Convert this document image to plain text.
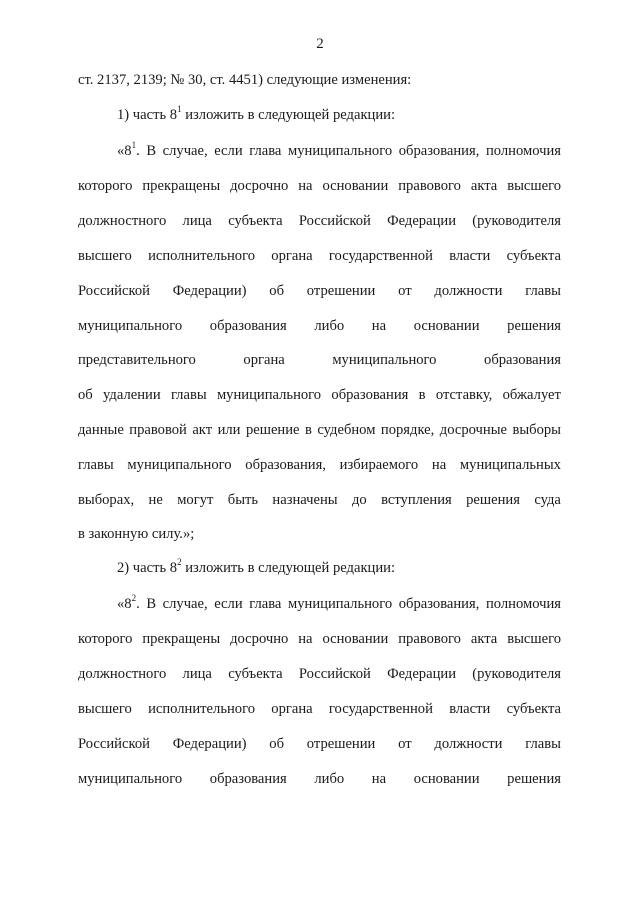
2
ст. 2137, 2139; № 30, ст. 4451) следующие изменения:
1) часть $8^1$ изложить в следующей редакции:
«$8^1$. В случае, если глава муниципального образования, полномочия
которого прекращены досрочно на основании правового акта высшего
должностного лица субъекта Российской Федерации (руководителя
высшего исполнительного органа государственной власти субъекта
Российской Федерации) об отрешении от должности главы
муниципального образования либо на основании решения
представительного	органа	муниципального	образования
об удалении главы муниципального образования в отставку, обжалует
данные правовой акт или решение в судебном порядке, досрочные выборы
главы муниципального образования, избираемого на муниципальных
выборах, не могут быть назначены до вступления решения суда
в законную силу.»;
2) часть $8^2$ изложить в следующей редакции:
«$8^2$. В случае, если глава муниципального образования, полномочия
которого прекращены досрочно на основании правового акта высшего
должностного лица субъекта Российской Федерации (руководителя
высшего исполнительного органа государственной власти субъекта
Российской Федерации) об отрешении от должности главы
муниципального образования либо на основании решения
